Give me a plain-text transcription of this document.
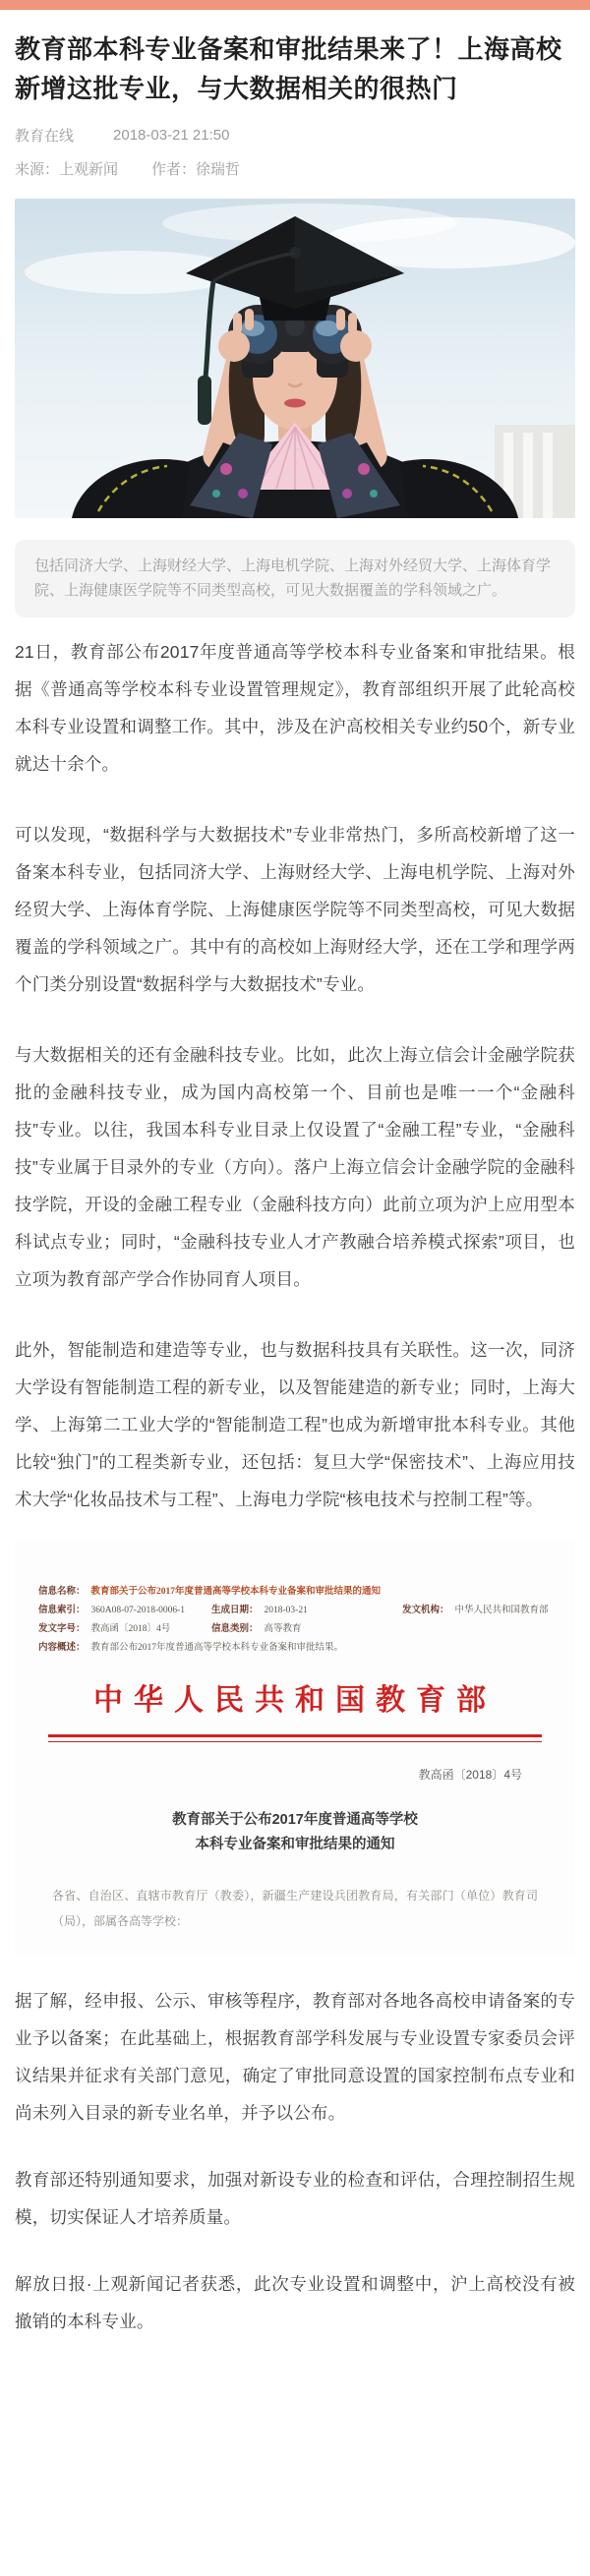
教育部本科专业备案和审批结果来了！上海高校新增这批专业，与大数据相关的很热门
教育在线	2018-03-21 21:50
来源：上观新闻 作者：徐瑞哲
包括同济大学、上海财经大学、上海电机学院、上海对外经贸大学、上海体育学院、上海健康医学院等不同类型高校，可见大数据覆盖的学科领域之广。

21日，教育部公布2017年度普通高等学校本科专业备案和审批结果。根据《普通高等学校本科专业设置管理规定》，教育部组织开展了此轮高校本科专业设置和调整工作。其中，涉及在沪高校相关专业约50个，新专业就达十余个。

可以发现，“数据科学与大数据技术”专业非常热门，多所高校新增了这一备案本科专业，包括同济大学、上海财经大学、上海电机学院、上海对外经贸大学、上海体育学院、上海健康医学院等不同类型高校，可见大数据覆盖的学科领域之广。其中有的高校如上海财经大学，还在工学和理学两个门类分别设置“数据科学与大数据技术”专业。

与大数据相关的还有金融科技专业。比如，此次上海立信会计金融学院获批的金融科技专业，成为国内高校第一个、目前也是唯一一个“金融科技”专业。以往，我国本科专业目录上仅设置了“金融工程”专业，“金融科技”专业属于目录外的专业（方向）。落户上海立信会计金融学院的金融科技学院，开设的金融工程专业（金融科技方向）此前立项为沪上应用型本科试点专业；同时，“金融科技专业人才产教融合培养模式探索”项目，也立项为教育部产学合作协同育人项目。

此外，智能制造和建造等专业，也与数据科技具有关联性。这一次，同济大学设有智能制造工程的新专业，以及智能建造的新专业；同时，上海大学、上海第二工业大学的“智能制造工程”也成为新增审批本科专业。其他比较“独门”的工程类新专业，还包括：复旦大学“保密技术”、上海应用技术大学“化妆品技术与工程”、上海电力学院“核电技术与控制工程”等。

信息名称： 教育部关于公布2017年度普通高等学校本科专业备案和审批结果的通知
信息索引： 360A08-07-2018-0006-1	生成日期： 2018-03-21	发文机构： 中华人民共和国教育部
发文字号： 教高函〔2018〕4号	信息类别： 高等教育
内容概述： 教育部公布2017年度普通高等学校本科专业备案和审批结果。
中华人民共和国教育部
教高函〔2018〕4号
教育部关于公布2017年度普通高等学校
本科专业备案和审批结果的通知
各省、自治区、直辖市教育厅（教委），新疆生产建设兵团教育局，有关部门（单位）教育司（局），部属各高等学校：

据了解，经申报、公示、审核等程序，教育部对各地各高校申请备案的专业予以备案；在此基础上，根据教育部学科发展与专业设置专家委员会评议结果并征求有关部门意见，确定了审批同意设置的国家控制布点专业和尚未列入目录的新专业名单，并予以公布。

教育部还特别通知要求，加强对新设专业的检查和评估，合理控制招生规模，切实保证人才培养质量。

解放日报·上观新闻记者获悉，此次专业设置和调整中，沪上高校没有被撤销的本科专业。
